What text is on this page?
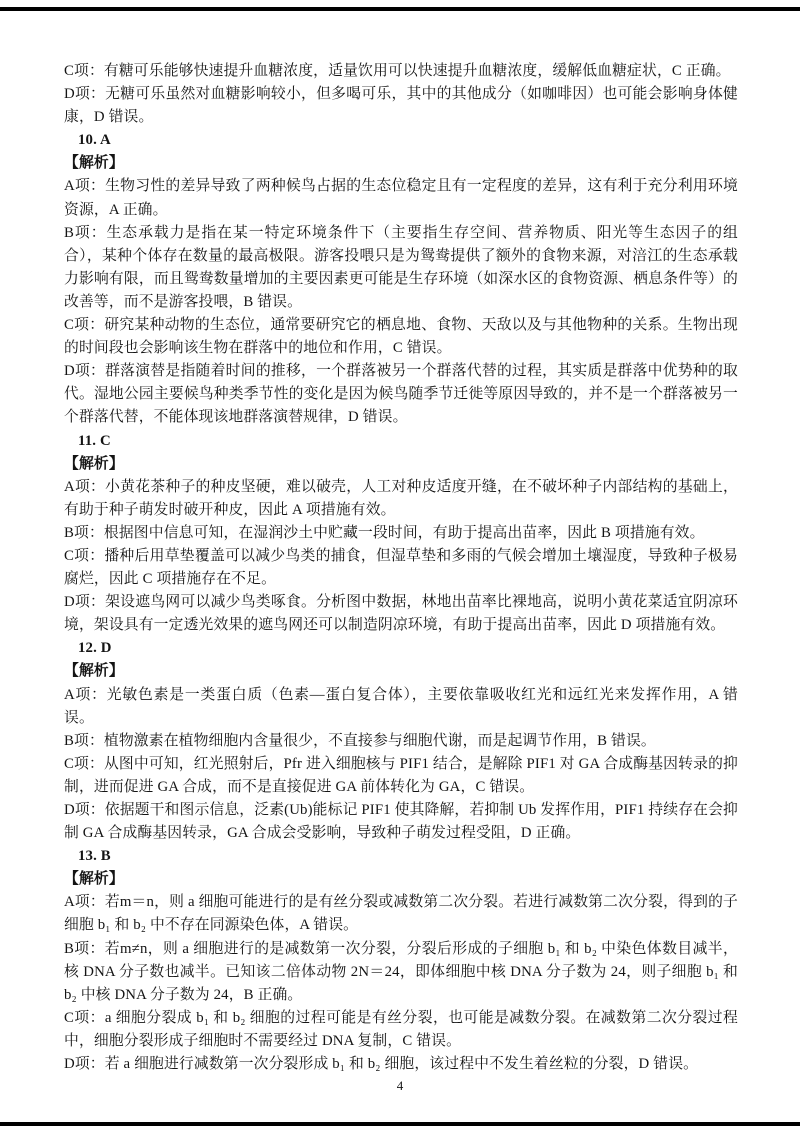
C项：有糖可乐能够快速提升血糖浓度，适量饮用可以快速提升血糖浓度，缓解低血糖症状，C 正确。

D项：无糖可乐虽然对血糖影响较小，但多喝可乐，其中的其他成分（如咖啡因）也可能会影响身体健康，D 错误。

10. A

【解析】

A项：生物习性的差异导致了两种候鸟占据的生态位稳定且有一定程度的差异，这有利于充分利用环境资源，A 正确。

B项：生态承载力是指在某一特定环境条件下（主要指生存空间、营养物质、阳光等生态因子的组合），某种个体存在数量的最高极限。游客投喂只是为鸳鸯提供了额外的食物来源，对涪江的生态承载力影响有限，而且鸳鸯数量增加的主要因素更可能是生存环境（如深水区的食物资源、栖息条件等）的改善等，而不是游客投喂，B 错误。

C项：研究某种动物的生态位，通常要研究它的栖息地、食物、天敌以及与其他物种的关系。生物出现的时间段也会影响该生物在群落中的地位和作用，C 错误。

D项：群落演替是指随着时间的推移，一个群落被另一个群落代替的过程，其实质是群落中优势种的取代。湿地公园主要候鸟种类季节性的变化是因为候鸟随季节迁徙等原因导致的，并不是一个群落被另一个群落代替，不能体现该地群落演替规律，D 错误。

11. C

【解析】

A项：小黄花茶种子的种皮坚硬，难以破壳，人工对种皮适度开缝，在不破坏种子内部结构的基础上，有助于种子萌发时破开种皮，因此 A 项措施有效。

B项：根据图中信息可知，在湿润沙土中贮藏一段时间，有助于提高出苗率，因此 B 项措施有效。

C项：播种后用草垫覆盖可以减少鸟类的捕食，但湿草垫和多雨的气候会增加土壤湿度，导致种子极易腐烂，因此 C 项措施存在不足。

D项：架设遮鸟网可以减少鸟类啄食。分析图中数据，林地出苗率比裸地高，说明小黄花菜适宜阴凉环境，架设具有一定透光效果的遮鸟网还可以制造阴凉环境，有助于提高出苗率，因此 D 项措施有效。

12. D

【解析】

A项：光敏色素是一类蛋白质（色素—蛋白复合体），主要依靠吸收红光和远红光来发挥作用，A 错误。

B项：植物激素在植物细胞内含量很少，不直接参与细胞代谢，而是起调节作用，B 错误。

C项：从图中可知，红光照射后，Pfr 进入细胞核与 PIF1 结合，是解除 PIF1 对 GA 合成酶基因转录的抑制，进而促进 GA 合成，而不是直接促进 GA 前体转化为 GA，C 错误。

D项：依据题干和图示信息，泛素(Ub)能标记 PIF1 使其降解，若抑制 Ub 发挥作用，PIF1 持续存在会抑制 GA 合成酶基因转录，GA 合成会受影响，导致种子萌发过程受阻，D 正确。

13. B

【解析】

A项：若m＝n，则 a 细胞可能进行的是有丝分裂或减数第二次分裂。若进行减数第二次分裂，得到的子细胞 b₁ 和 b₂ 中不存在同源染色体，A 错误。

B项：若m≠n，则 a 细胞进行的是减数第一次分裂，分裂后形成的子细胞 b₁ 和 b₂ 中染色体数目减半，核 DNA 分子数也减半。已知该二倍体动物 2N＝24，即体细胞中核 DNA 分子数为 24，则子细胞 b₁ 和 b₂ 中核 DNA 分子数为 24，B 正确。

C项：a 细胞分裂成 b₁ 和 b₂ 细胞的过程可能是有丝分裂，也可能是减数分裂。在减数第二次分裂过程中，细胞分裂形成子细胞时不需要经过 DNA 复制，C 错误。

D项：若 a 细胞进行减数第一次分裂形成 b₁ 和 b₂ 细胞，该过程中不发生着丝粒的分裂，D 错误。

4
